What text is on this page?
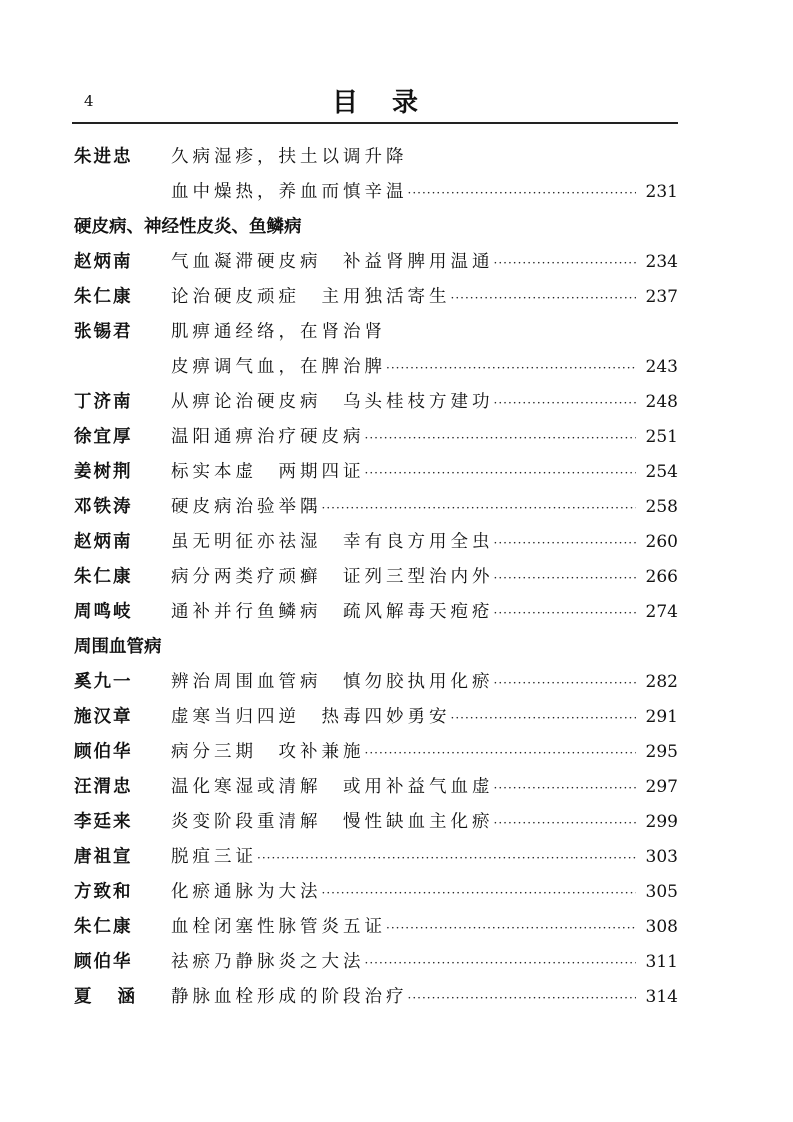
4	目录
朱进忠	久病湿疹，扶土以调升降
血中燥热，养血而慎辛温 ·····	231
硬皮病、神经性皮炎、鱼鳞病
赵炳南	气血凝滞硬皮病　补益肾脾用温通 ·····	234
朱仁康	论治硬皮顽症　主用独活寄生 ·····	237
张锡君	肌痹通经络，在肾治肾
皮痹调气血，在脾治脾 ·····	243
丁济南	从痹论治硬皮病　乌头桂枝方建功 ·····	248
徐宜厚	温阳通痹治疗硬皮病 ·····	251
姜树荆	标实本虚　两期四证 ·····	254
邓铁涛	硬皮病治验举隅 ·····	258
赵炳南	虽无明征亦祛湿　幸有良方用全虫 ·····	260
朱仁康	病分两类疗顽癣　证列三型治内外 ·····	266
周鸣岐	通补并行鱼鳞病　疏风解毒天疱疮 ·····	274
周围血管病
奚九一	辨治周围血管病　慎勿胶执用化瘀 ·····	282
施汉章	虚寒当归四逆　热毒四妙勇安 ·····	291
顾伯华	病分三期　攻补兼施 ·····	295
汪渭忠	温化寒湿或清解　或用补益气血虚 ·····	297
李廷来	炎变阶段重清解　慢性缺血主化瘀 ·····	299
唐祖宣	脱疽三证 ·····	303
方致和	化瘀通脉为大法 ·····	305
朱仁康	血栓闭塞性脉管炎五证 ·····	308
顾伯华	祛瘀乃静脉炎之大法 ·····	311
夏涵 静脉血栓形成的阶段治疗 ·····	314
